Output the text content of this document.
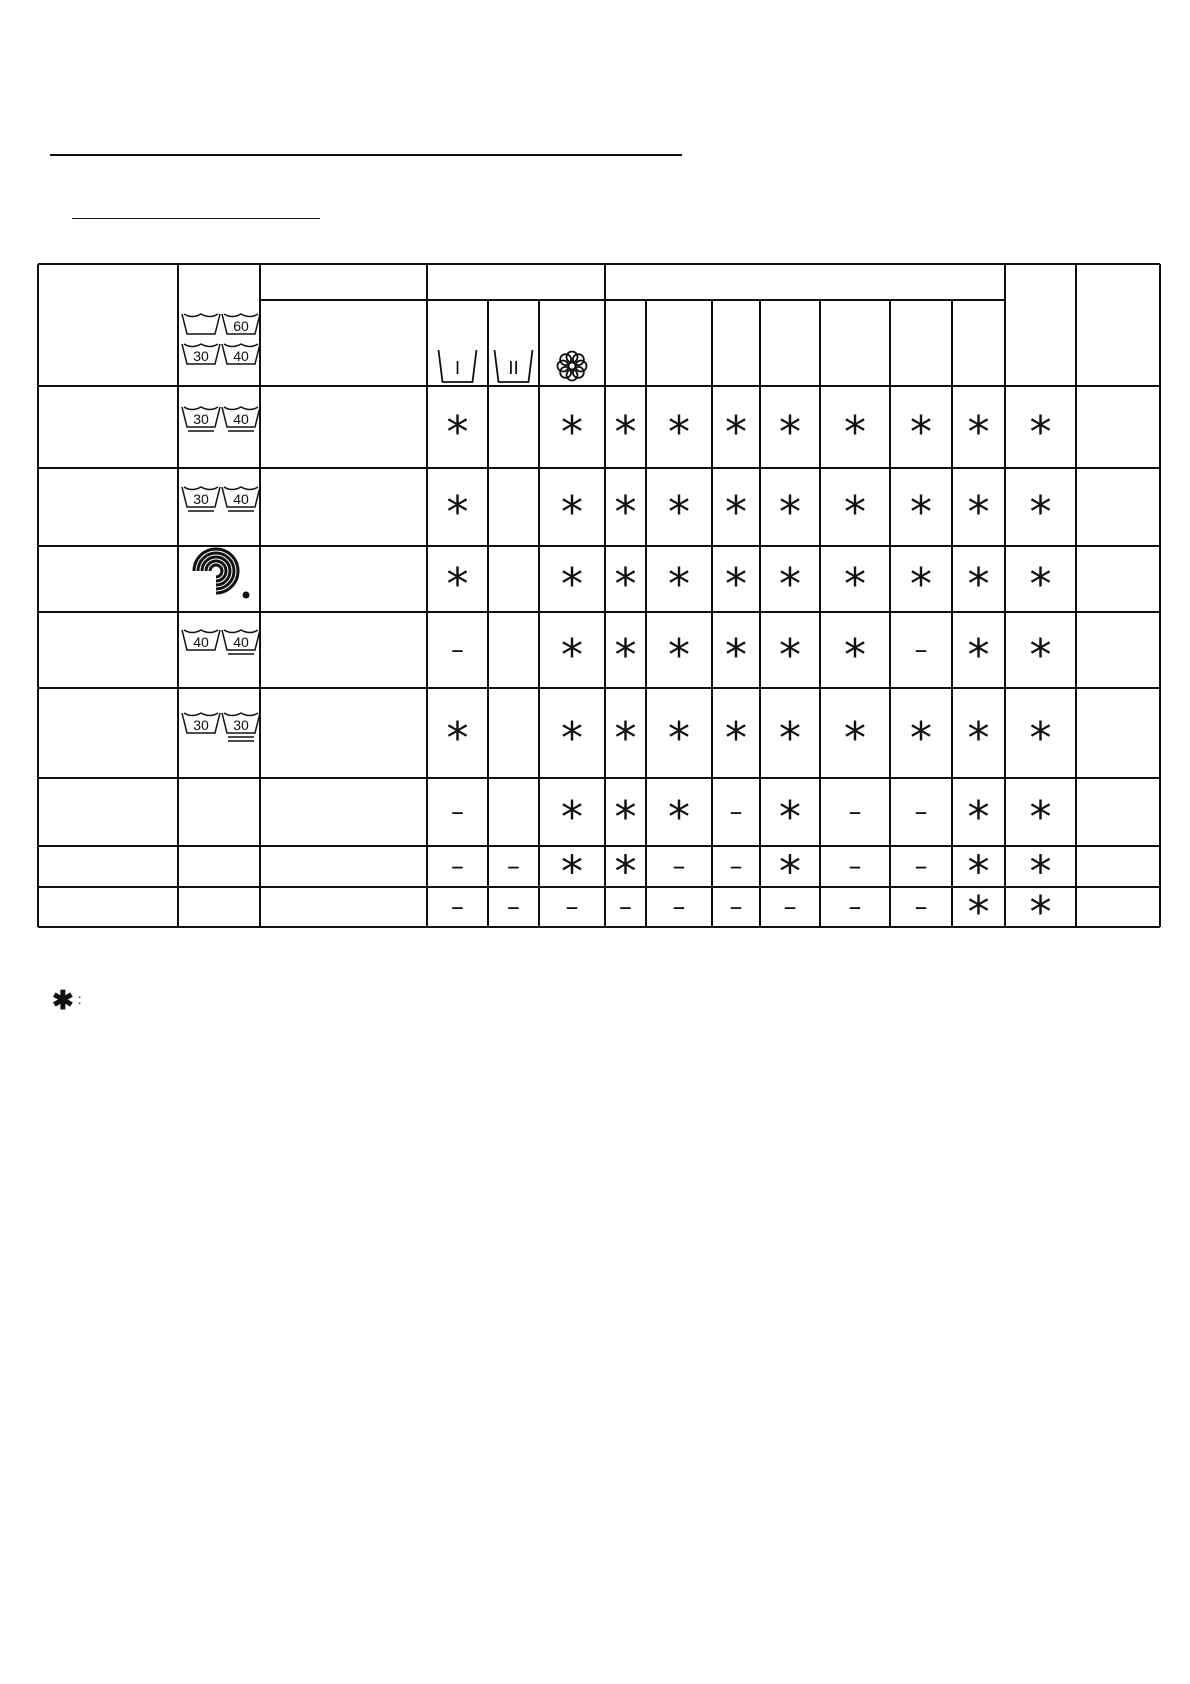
I	II
60
30 40
30 40
30 40
40 40
30 30
* * * * * * * * * *
* * * * * * * * * *
* * * * * * * * * *
– * * * * * * – * *
* * * * * * * * * *
– * * * – * – – * *
– – * * – – * – – * *
– – – – – – – – – * *
✱ :
